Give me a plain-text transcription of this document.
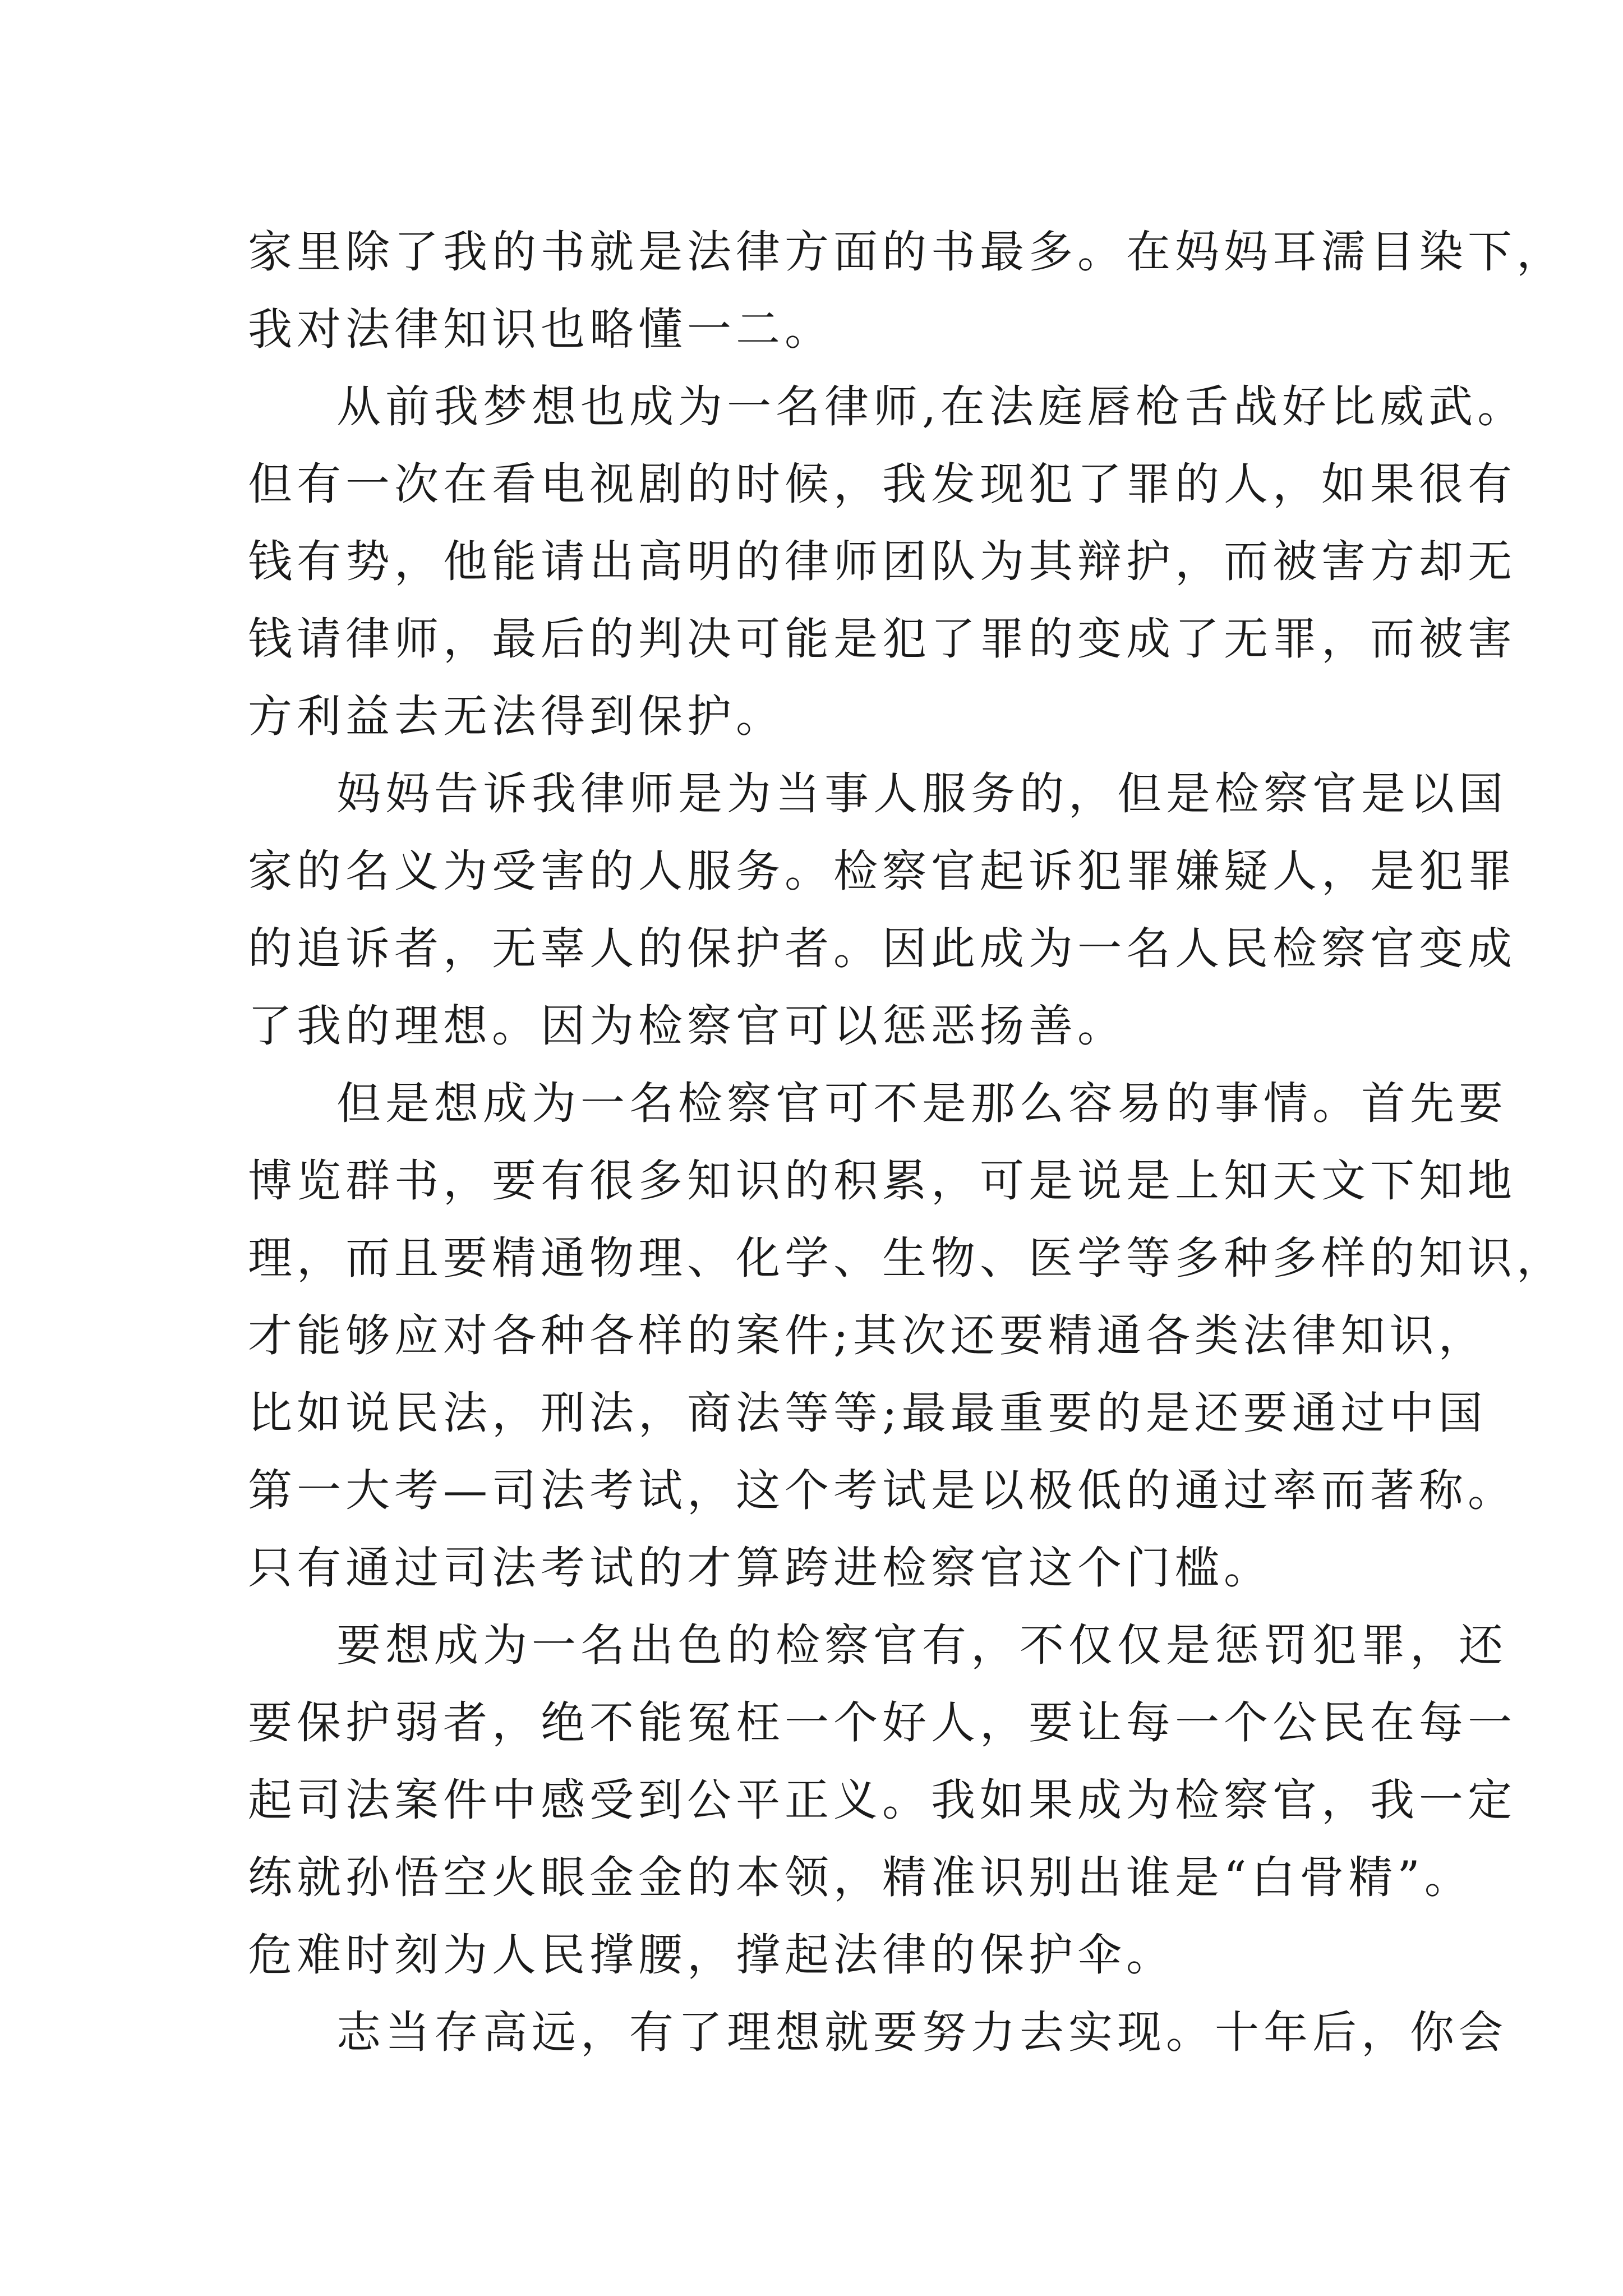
家里除了我的书就是法律方面的书最多。在妈妈耳濡目染下，
我对法律知识也略懂一二。
从前我梦想也成为一名律师,在法庭唇枪舌战好比威武。
但有一次在看电视剧的时候，我发现犯了罪的人，如果很有
钱有势，他能请出高明的律师团队为其辩护，而被害方却无
钱请律师，最后的判决可能是犯了罪的变成了无罪，而被害
方利益去无法得到保护。
妈妈告诉我律师是为当事人服务的，但是检察官是以国
家的名义为受害的人服务。检察官起诉犯罪嫌疑人，是犯罪
的追诉者，无辜人的保护者。因此成为一名人民检察官变成
了我的理想。因为检察官可以惩恶扬善。
但是想成为一名检察官可不是那么容易的事情。首先要
博览群书，要有很多知识的积累，可是说是上知天文下知地
理，而且要精通物理、化学、生物、医学等多种多样的知识，
才能够应对各种各样的案件;其次还要精通各类法律知识，
比如说民法，刑法，商法等等;最最重要的是还要通过中国
第一大考—司法考试，这个考试是以极低的通过率而著称。
只有通过司法考试的才算跨进检察官这个门槛。
要想成为一名出色的检察官有，不仅仅是惩罚犯罪，还
要保护弱者，绝不能冤枉一个好人，要让每一个公民在每一
起司法案件中感受到公平正义。我如果成为检察官，我一定
练就孙悟空火眼金金的本领，精准识别出谁是“白骨精”。
危难时刻为人民撑腰，撑起法律的保护伞。
志当存高远，有了理想就要努力去实现。十年后，你会
